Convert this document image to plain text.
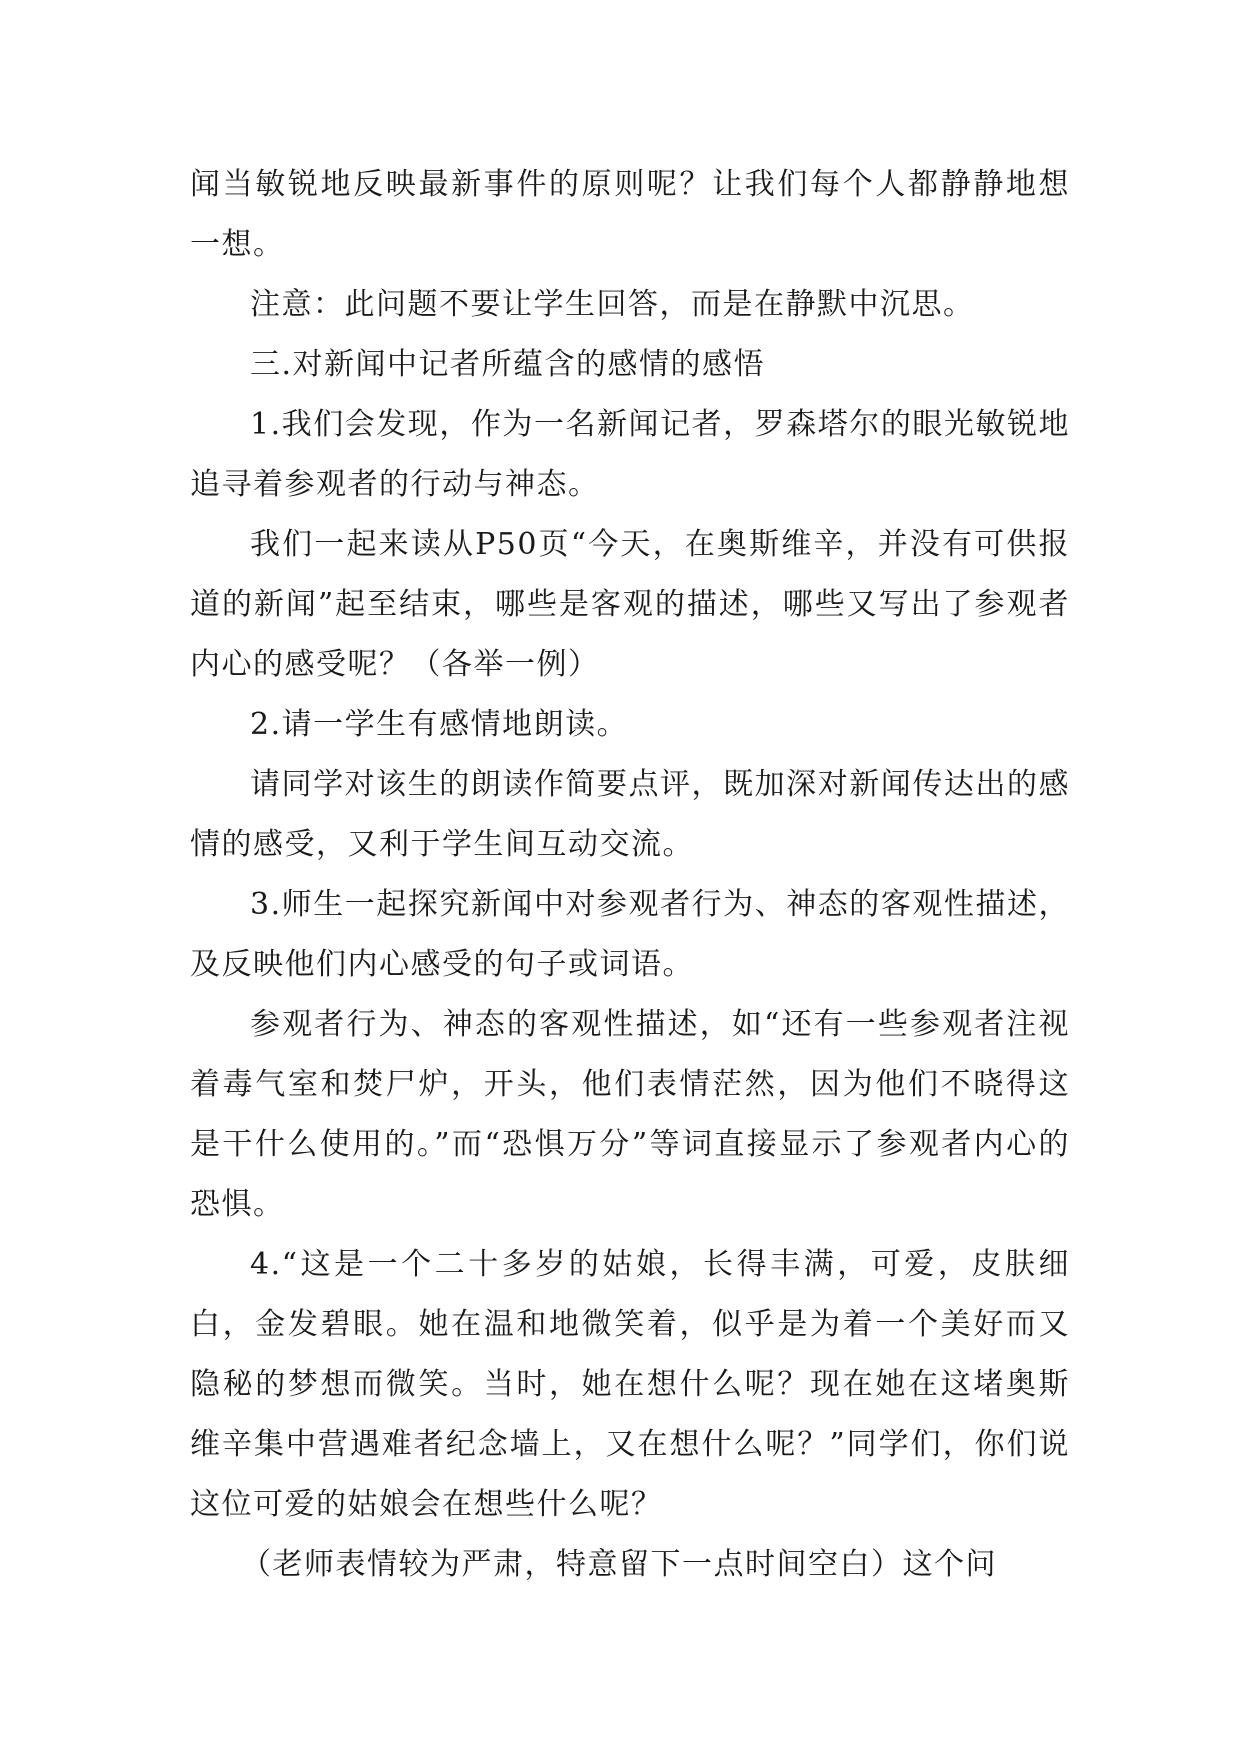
闻当敏锐地反映最新事件的原则呢？让我们每个人都静静地想一想。

注意：此问题不要让学生回答，而是在静默中沉思。

三.对新闻中记者所蕴含的感情的感悟

1.我们会发现，作为一名新闻记者，罗森塔尔的眼光敏锐地追寻着参观者的行动与神态。

我们一起来读从P50页“今天，在奥斯维辛，并没有可供报道的新闻”起至结束，哪些是客观的描述，哪些又写出了参观者内心的感受呢？（各举一例）

2.请一学生有感情地朗读。

请同学对该生的朗读作简要点评，既加深对新闻传达出的感情的感受，又利于学生间互动交流。

3.师生一起探究新闻中对参观者行为、神态的客观性描述，及反映他们内心感受的句子或词语。

参观者行为、神态的客观性描述，如“还有一些参观者注视着毒气室和焚尸炉，开头，他们表情茫然，因为他们不晓得这是干什么使用的。”而“恐惧万分”等词直接显示了参观者内心的恐惧。

4.“这是一个二十多岁的姑娘，长得丰满，可爱，皮肤细白，金发碧眼。她在温和地微笑着，似乎是为着一个美好而又隐秘的梦想而微笑。当时，她在想什么呢？现在她在这堵奥斯维辛集中营遇难者纪念墙上，又在想什么呢？”同学们，你们说这位可爱的姑娘会在想些什么呢？

（老师表情较为严肃，特意留下一点时间空白）这个问
